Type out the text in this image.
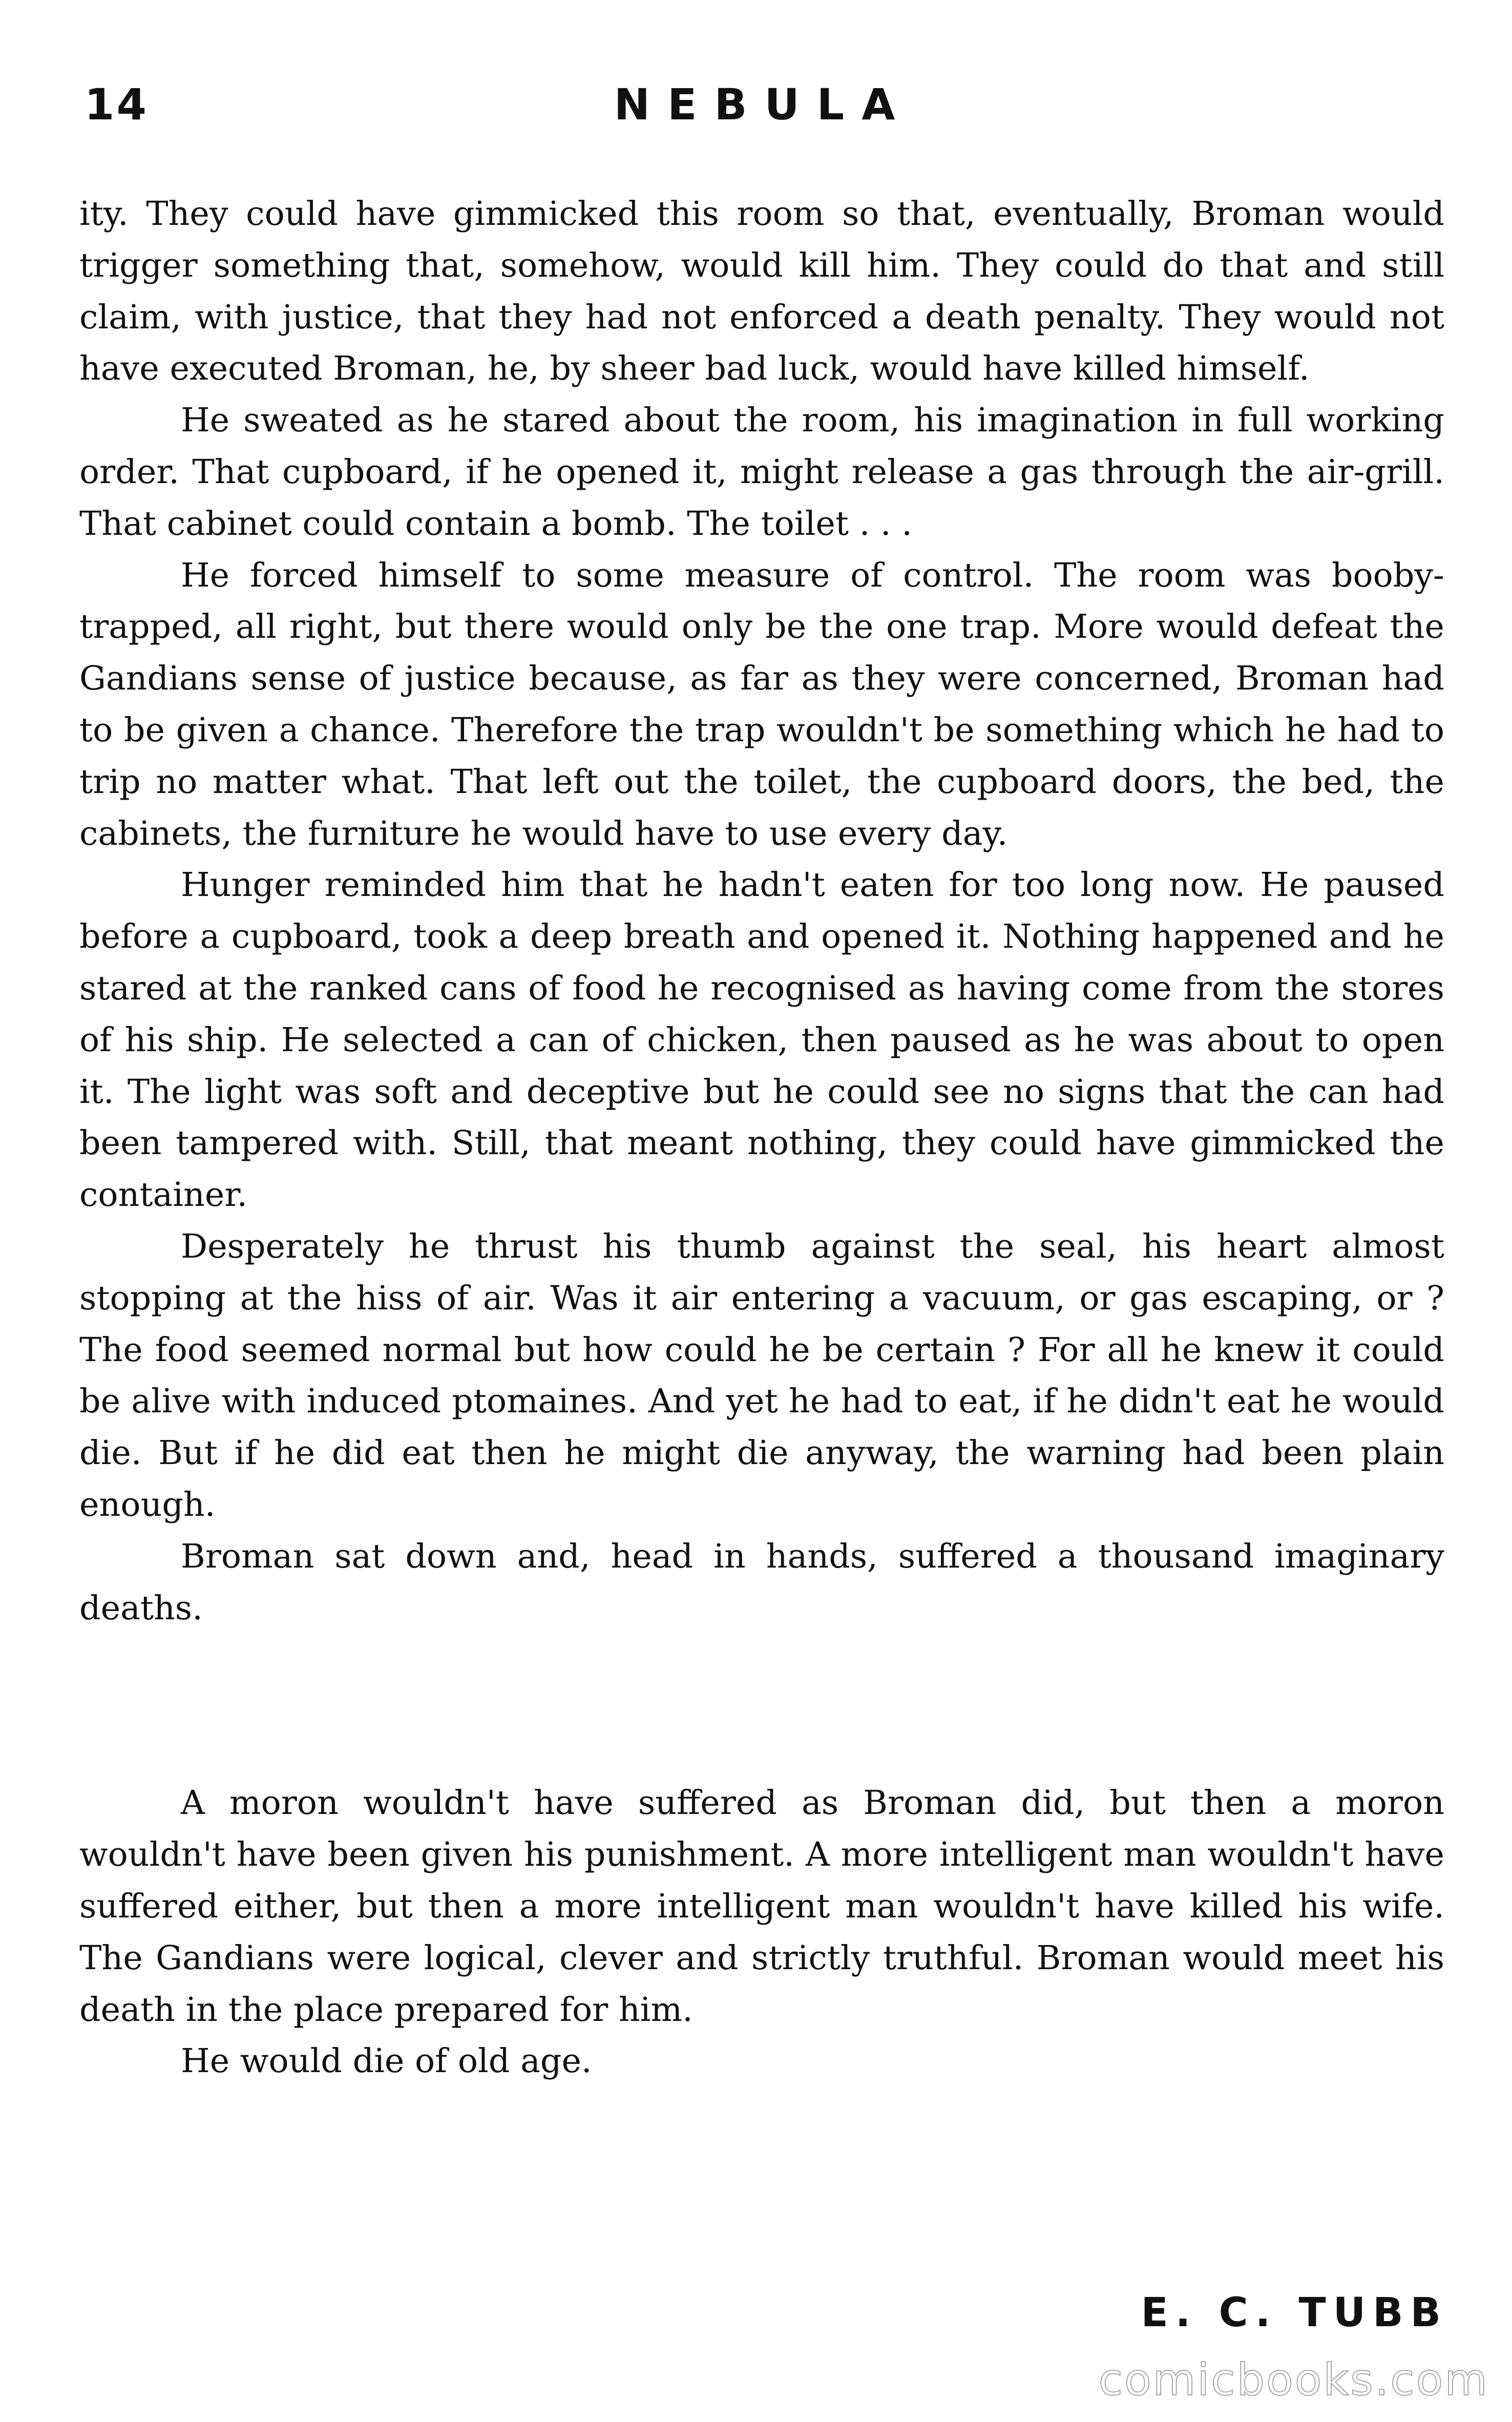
14	NEBULA

ity. They could have gimmicked this room so that, eventually, Broman would trigger something that, somehow, would kill him. They could do that and still claim, with justice, that they had not enforced a death penalty. They would not have executed Broman, he, by sheer bad luck, would have killed himself.

He sweated as he stared about the room, his imagination in full working order. That cupboard, if he opened it, might release a gas through the air-grill. That cabinet could contain a bomb. The toilet . . .

He forced himself to some measure of control. The room was booby-trapped, all right, but there would only be the one trap. More would defeat the Gandians sense of justice because, as far as they were concerned, Broman had to be given a chance. Therefore the trap wouldn't be something which he had to trip no matter what. That left out the toilet, the cupboard doors, the bed, the cabinets, the furniture he would have to use every day.

Hunger reminded him that he hadn't eaten for too long now. He paused before a cupboard, took a deep breath and opened it. Nothing happened and he stared at the ranked cans of food he recognised as having come from the stores of his ship. He selected a can of chicken, then paused as he was about to open it. The light was soft and deceptive but he could see no signs that the can had been tampered with. Still, that meant nothing, they could have gimmicked the container.

Desperately he thrust his thumb against the seal, his heart almost stopping at the hiss of air. Was it air entering a vacuum, or gas escaping, or ? The food seemed normal but how could he be certain ? For all he knew it could be alive with induced ptomaines. And yet he had to eat, if he didn't eat he would die. But if he did eat then he might die anyway, the warning had been plain enough.

Broman sat down and, head in hands, suffered a thousand imaginary deaths.

A moron wouldn't have suffered as Broman did, but then a moron wouldn't have been given his punishment. A more intelligent man wouldn't have suffered either, but then a more intelligent man wouldn't have killed his wife. The Gandians were logical, clever and strictly truthful. Broman would meet his death in the place prepared for him.

He would die of old age.

E. C. TUBB
comicbooks.com
